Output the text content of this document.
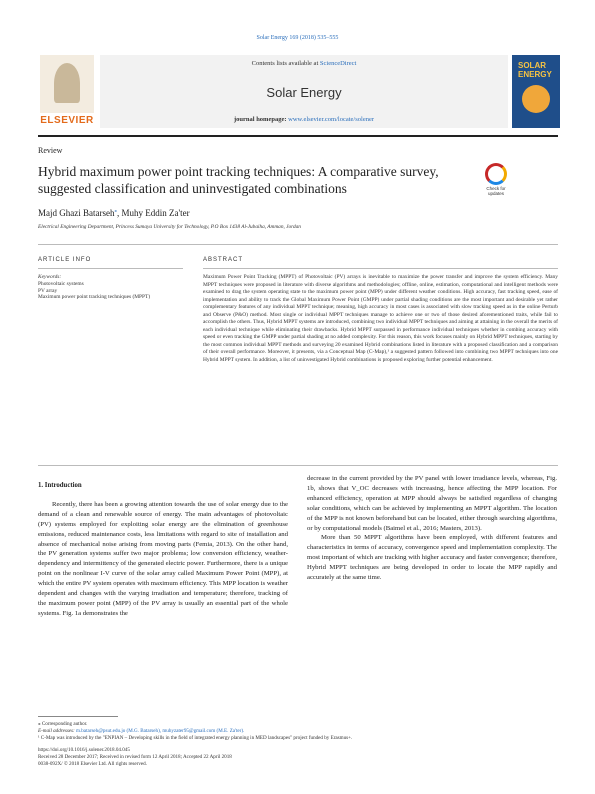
Solar Energy 169 (2018) 535–555
ELSEVIER
Contents lists available at ScienceDirect
Solar Energy
journal homepage: www.elsevier.com/locate/solener
SOLAR ENERGY
Review
Hybrid maximum power point tracking techniques: A comparative survey, suggested classification and uninvestigated combinations	Check for updates
Majd Ghazi Batarseh⁎, Muhy Eddin Za'ter
Electrical Engineering Department, Princess Sumaya University for Technology, P.O Box 1438 Al-Jubaiha, Amman, Jordan
ARTICLE INFO	ABSTRACT
Keywords:
Photovoltaic systems
PV array
Maximum power point tracking techniques (MPPT)
Maximum Power Point Tracking (MPPT) of Photovoltaic (PV) arrays is inevitable to maximize the power transfer and improve the system efficiency. Many MPPT techniques were proposed in literature with diverse algorithms and methodologies; offline, online, estimation, computational and intelligent methods were examined to drag the system operating state to the maximum power point (MPP) under different weather conditions. High accuracy, fast tracking speed, ease of implementation and ability to track the Global Maximum Power Point (GMPP) under partial shading conditions are the most important and desirable yet rather complementary features of any individual MPPT technique; meaning, high accuracy in most cases is associated with slow tracking speed as in the online Perturb and Observe (P&O) method. Most single or individual MPPT techniques manage to achieve one or two of those desired aforementioned traits, while fail to accomplish the others. Thus, Hybrid MPPT systems are introduced, combining two individual MPPT techniques and aiming at attaining in the overall the merits of each individual technique while eliminating their drawbacks. Hybrid MPPT surpassed in performance individual techniques whether in combing accuracy with speed or even tracking the GMPP under partial shading at no added complexity. For this reason, this work focuses mainly on Hybrid MPPT techniques, starting by the most common individual MPPT methods and surveying 20 examined Hybrid combinations listed in literature with a proposed classification and a comparison of their overall performance. Moreover, it presents, via a Conceptual Map (C-Map),¹ a suggested pattern followed into combining two MPPT techniques into one Hybrid MPPT system. In addition, a list of uninvestigated Hybrid combinations is proposed exploring further potential enhancement.
1. Introduction
Recently, there has been a growing attention towards the use of solar energy due to the demand of a clean and renewable source of energy. The main advantages of photovoltaic (PV) systems employed for exploiting solar energy are the elimination of greenhouse emissions, reduced maintenance costs, less limitations with regard to site of installation and absence of mechanical noise arising from moving parts (Femia, 2013). On the other hand, the PV generation systems suffer two major problems; low conversion efficiency, weather-dependency and intermittency of the generated electric power. Furthermore, there is a unique point on the nonlinear I-V curve of the solar array called Maximum Power Point (MPP), at which the entire PV system operates with maximum efficiency. This MPP location is weather dependent and changes with the varying irradiation and temperature; therefore, tracking of the maximum power point (MPP) of the PV array is usually an essential part of the whole systems. Fig. 1a demonstrates the
decrease in the current provided by the PV panel with lower irradiance levels, whereas, Fig. 1b, shows that V_OC decreases with increasing, hence affecting the MPP location. For enhanced efficiency, operation at MPP should always be satisfied regardless of changing solar conditions, which can be achieved by implementing an MPPT algorithm. The location of the MPP is not known beforehand but can be located, either through searching algorithms, or by computational models (Baimel et al., 2016; Masters, 2013).
More than 50 MPPT algorithms have been employed, with different features and characteristics in terms of accuracy, convergence speed and implementation complexity. The most important of which are tracking with higher accuracy and faster convergence; therefore, Hybrid MPPT techniques are being developed in order to locate the MPP rapidly and accurately at the same time.
⁎ Corresponding author.
E-mail addresses: m.batarseh@psut.edu.jo (M.G. Batarseh), muhyzater95@gmail.com (M.E. Za'ter).
¹ C-Map was introduced by the "ENPIAN – Developing skills in the field of integrated energy planning in MED landscapes" project funded by Erasmus+.
https://doi.org/10.1016/j.solener.2018.04.045
Received 28 December 2017; Received in revised form 12 April 2018; Accepted 22 April 2018
0038-092X/ © 2018 Elsevier Ltd. All rights reserved.
